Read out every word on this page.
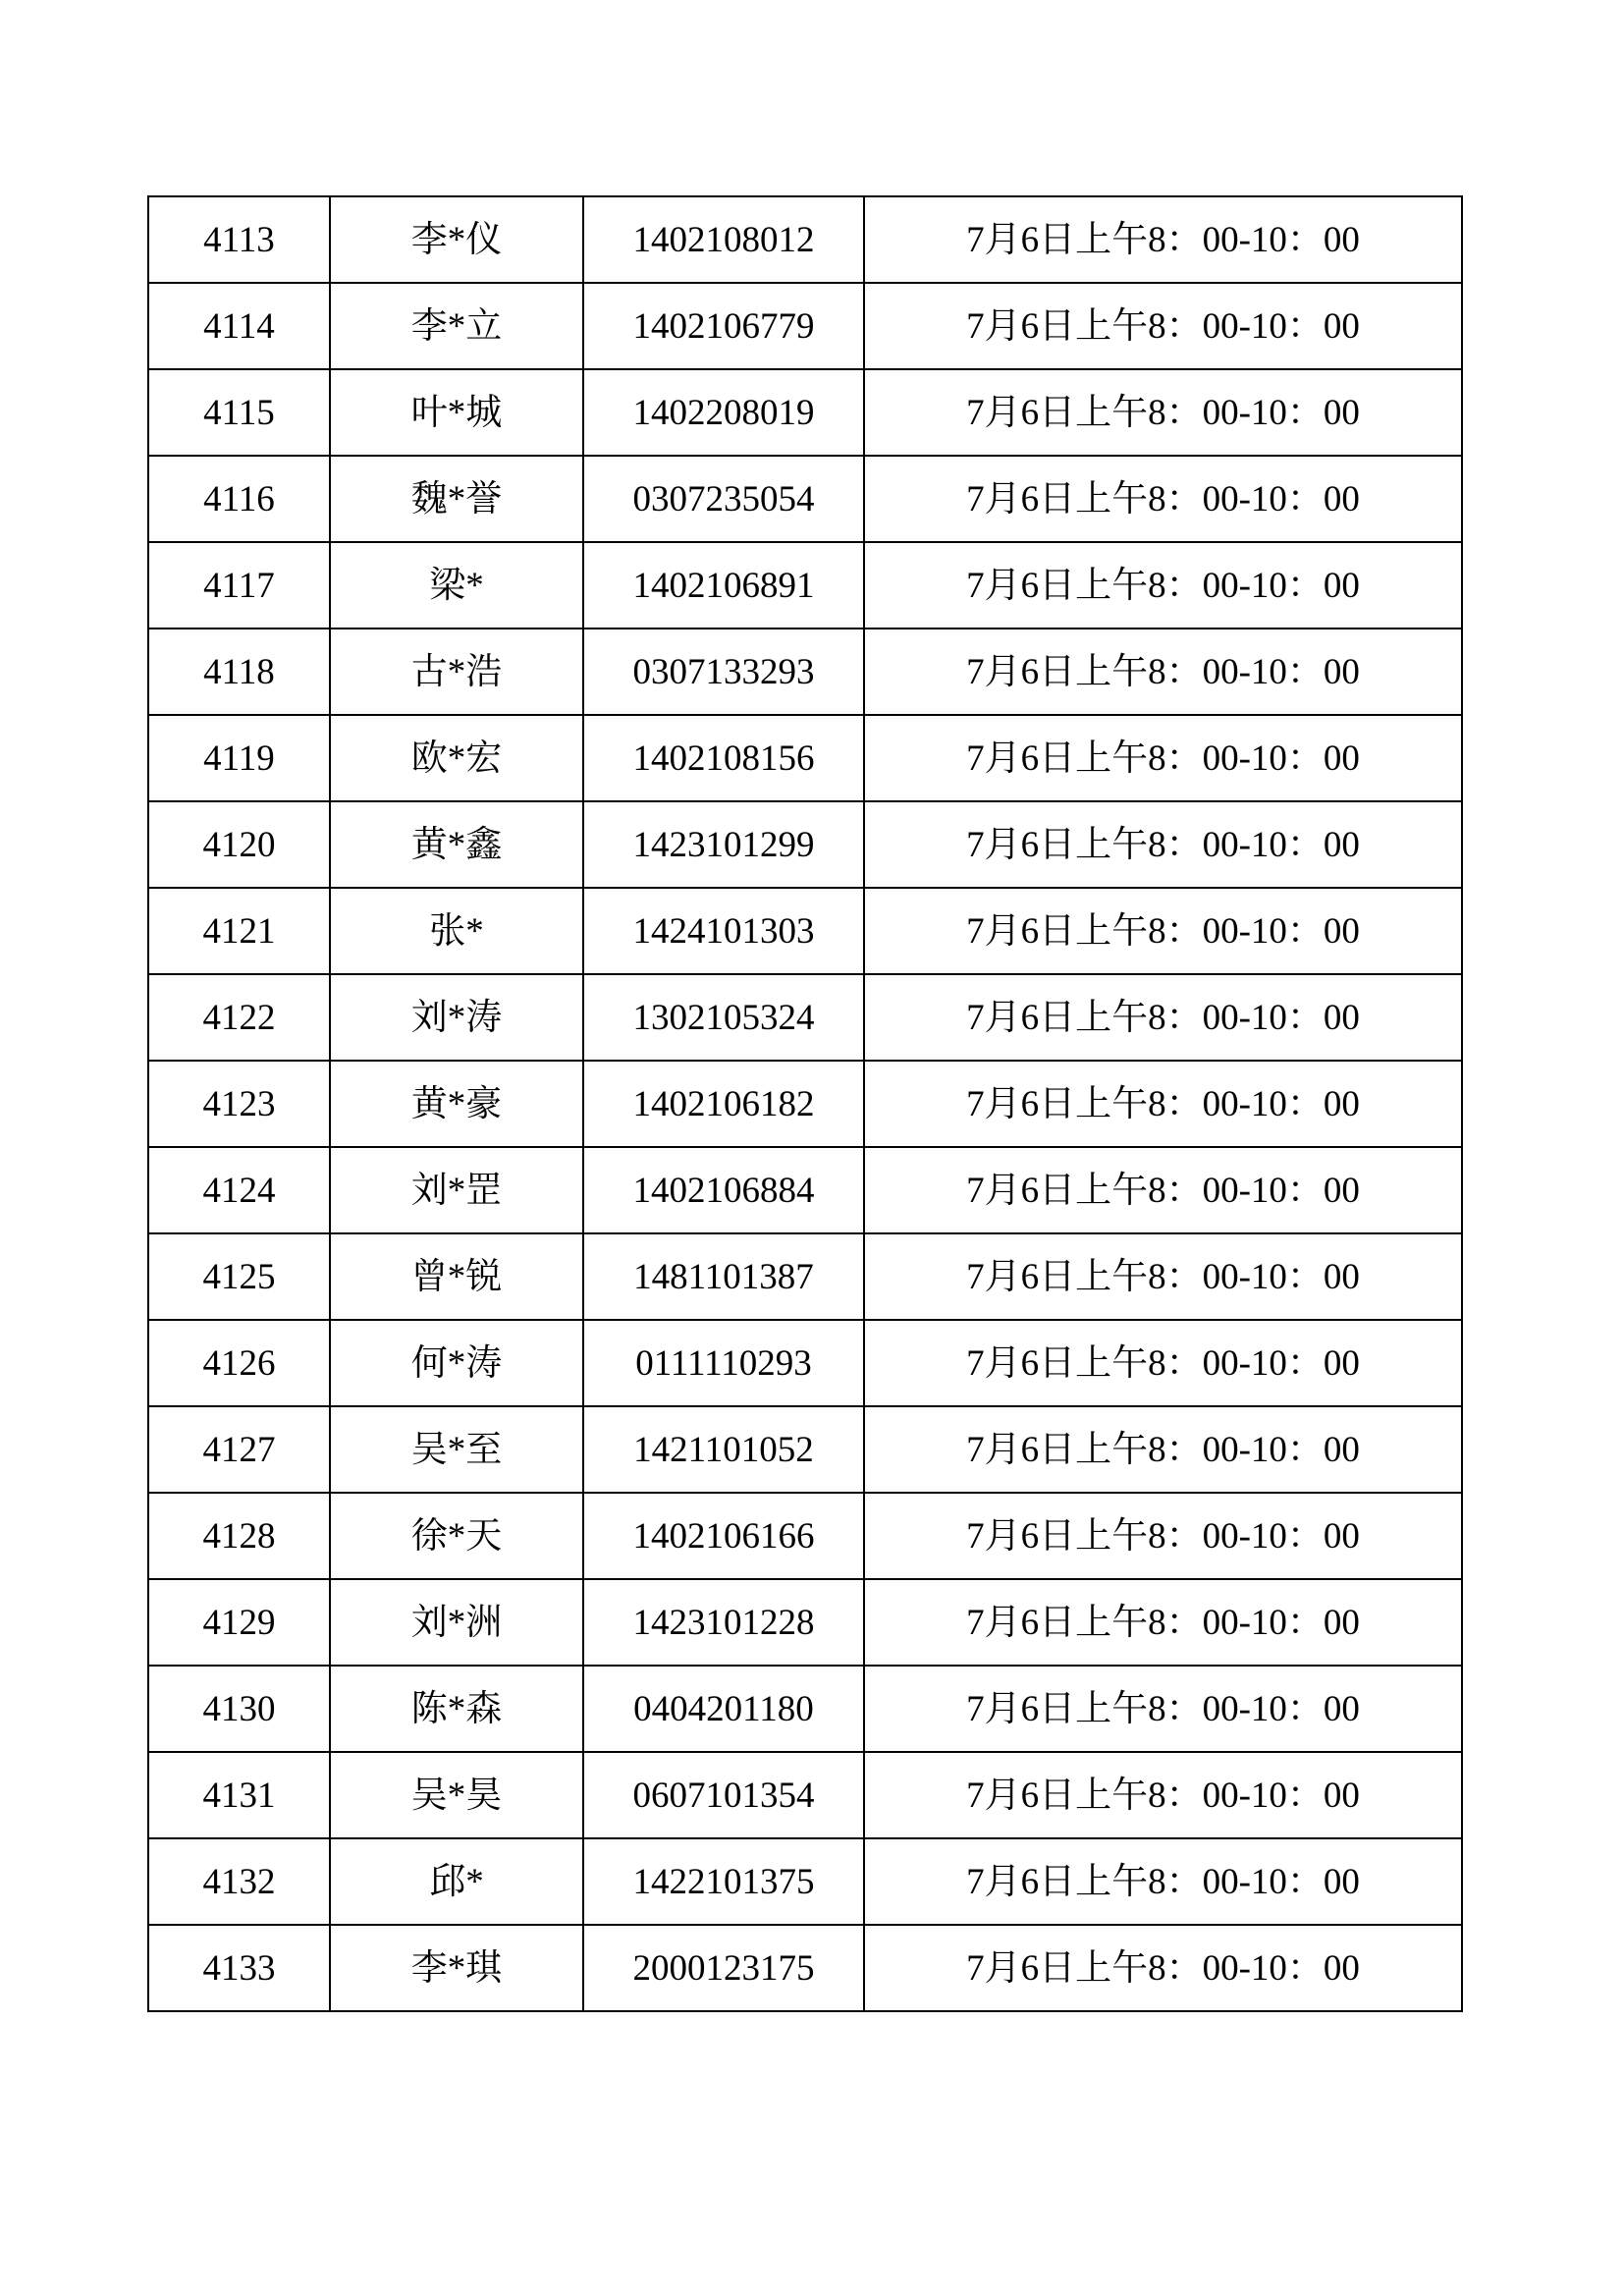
4113	李*仪	1402108012	7月6日上午8：00-10：00
4114	李*立	1402106779	7月6日上午8：00-10：00
4115	叶*城	1402208019	7月6日上午8：00-10：00
4116	魏*誉	0307235054	7月6日上午8：00-10：00
4117	梁*	1402106891	7月6日上午8：00-10：00
4118	古*浩	0307133293	7月6日上午8：00-10：00
4119	欧*宏	1402108156	7月6日上午8：00-10：00
4120	黄*鑫	1423101299	7月6日上午8：00-10：00
4121	张*	1424101303	7月6日上午8：00-10：00
4122	刘*涛	1302105324	7月6日上午8：00-10：00
4123	黄*豪	1402106182	7月6日上午8：00-10：00
4124	刘*罡	1402106884	7月6日上午8：00-10：00
4125	曾*锐	1481101387	7月6日上午8：00-10：00
4126	何*涛	0111110293	7月6日上午8：00-10：00
4127	吴*至	1421101052	7月6日上午8：00-10：00
4128	徐*天	1402106166	7月6日上午8：00-10：00
4129	刘*洲	1423101228	7月6日上午8：00-10：00
4130	陈*森	0404201180	7月6日上午8：00-10：00
4131	吴*昊	0607101354	7月6日上午8：00-10：00
4132	邱*	1422101375	7月6日上午8：00-10：00
4133	李*琪	2000123175	7月6日上午8：00-10：00
